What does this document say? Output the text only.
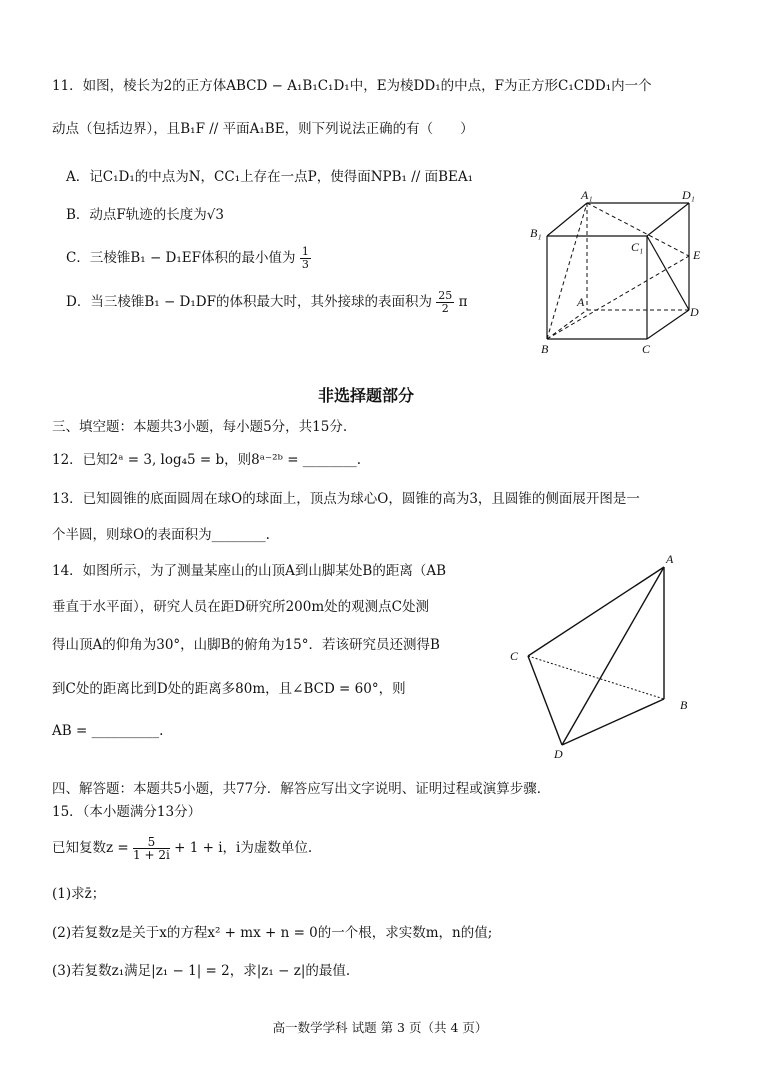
11．如图，棱长为2的正方体ABCD − A₁B₁C₁D₁中，E为棱DD₁的中点，F为正方形C₁CDD₁内一个
动点（包括边界），且B₁F // 平面A₁BE，则下列说法正确的有（　　）
A．记C₁D₁的中点为N，CC₁上存在一点P，使得面NPB₁ // 面BEA₁
B．动点F轨迹的长度为√3
C．三棱锥B₁ − D₁EF体积的最小值为 $\frac{1}{3}$
D．当三棱锥B₁ − D₁DF的体积最大时，其外接球的表面积为 $\frac{25}{2}$ π
A₁	D₁
B₁
C₁
E
A
D
B	C
非选择题部分
三、填空题：本题共3小题，每小题5分，共15分.
12．已知2ᵃ = 3, log₄5 = b，则8ᵃ⁻²ᵇ = ________.
13．已知圆锥的底面圆周在球O的球面上，顶点为球心O，圆锥的高为3，且圆锥的侧面展开图是一
个半圆，则球O的表面积为________.
14．如图所示，为了测量某座山的山顶A到山脚某处B的距离（AB
垂直于水平面），研究人员在距D研究所200m处的观测点C处测
得山顶A的仰角为30°，山脚B的俯角为15°．若该研究员还测得B
到C处的距离比到D处的距离多80m，且∠BCD = 60°，则
AB = __________.
A
B
C
D
四、解答题：本题共5小题，共77分．解答应写出文字说明、证明过程或演算步骤．
15．（本小题满分13分）
已知复数$z = \frac{5}{1 + 2i} + 1 + i$，i为虚数单位.
(1)求z̄；
(2)若复数z是关于x的方程x² + mx + n = 0的一个根，求实数m，n的值;
(3)若复数z₁满足|z₁ − 1| = 2，求|z₁ − z|的最值.
高一数学学科 试题 第 3 页（共 4 页）
